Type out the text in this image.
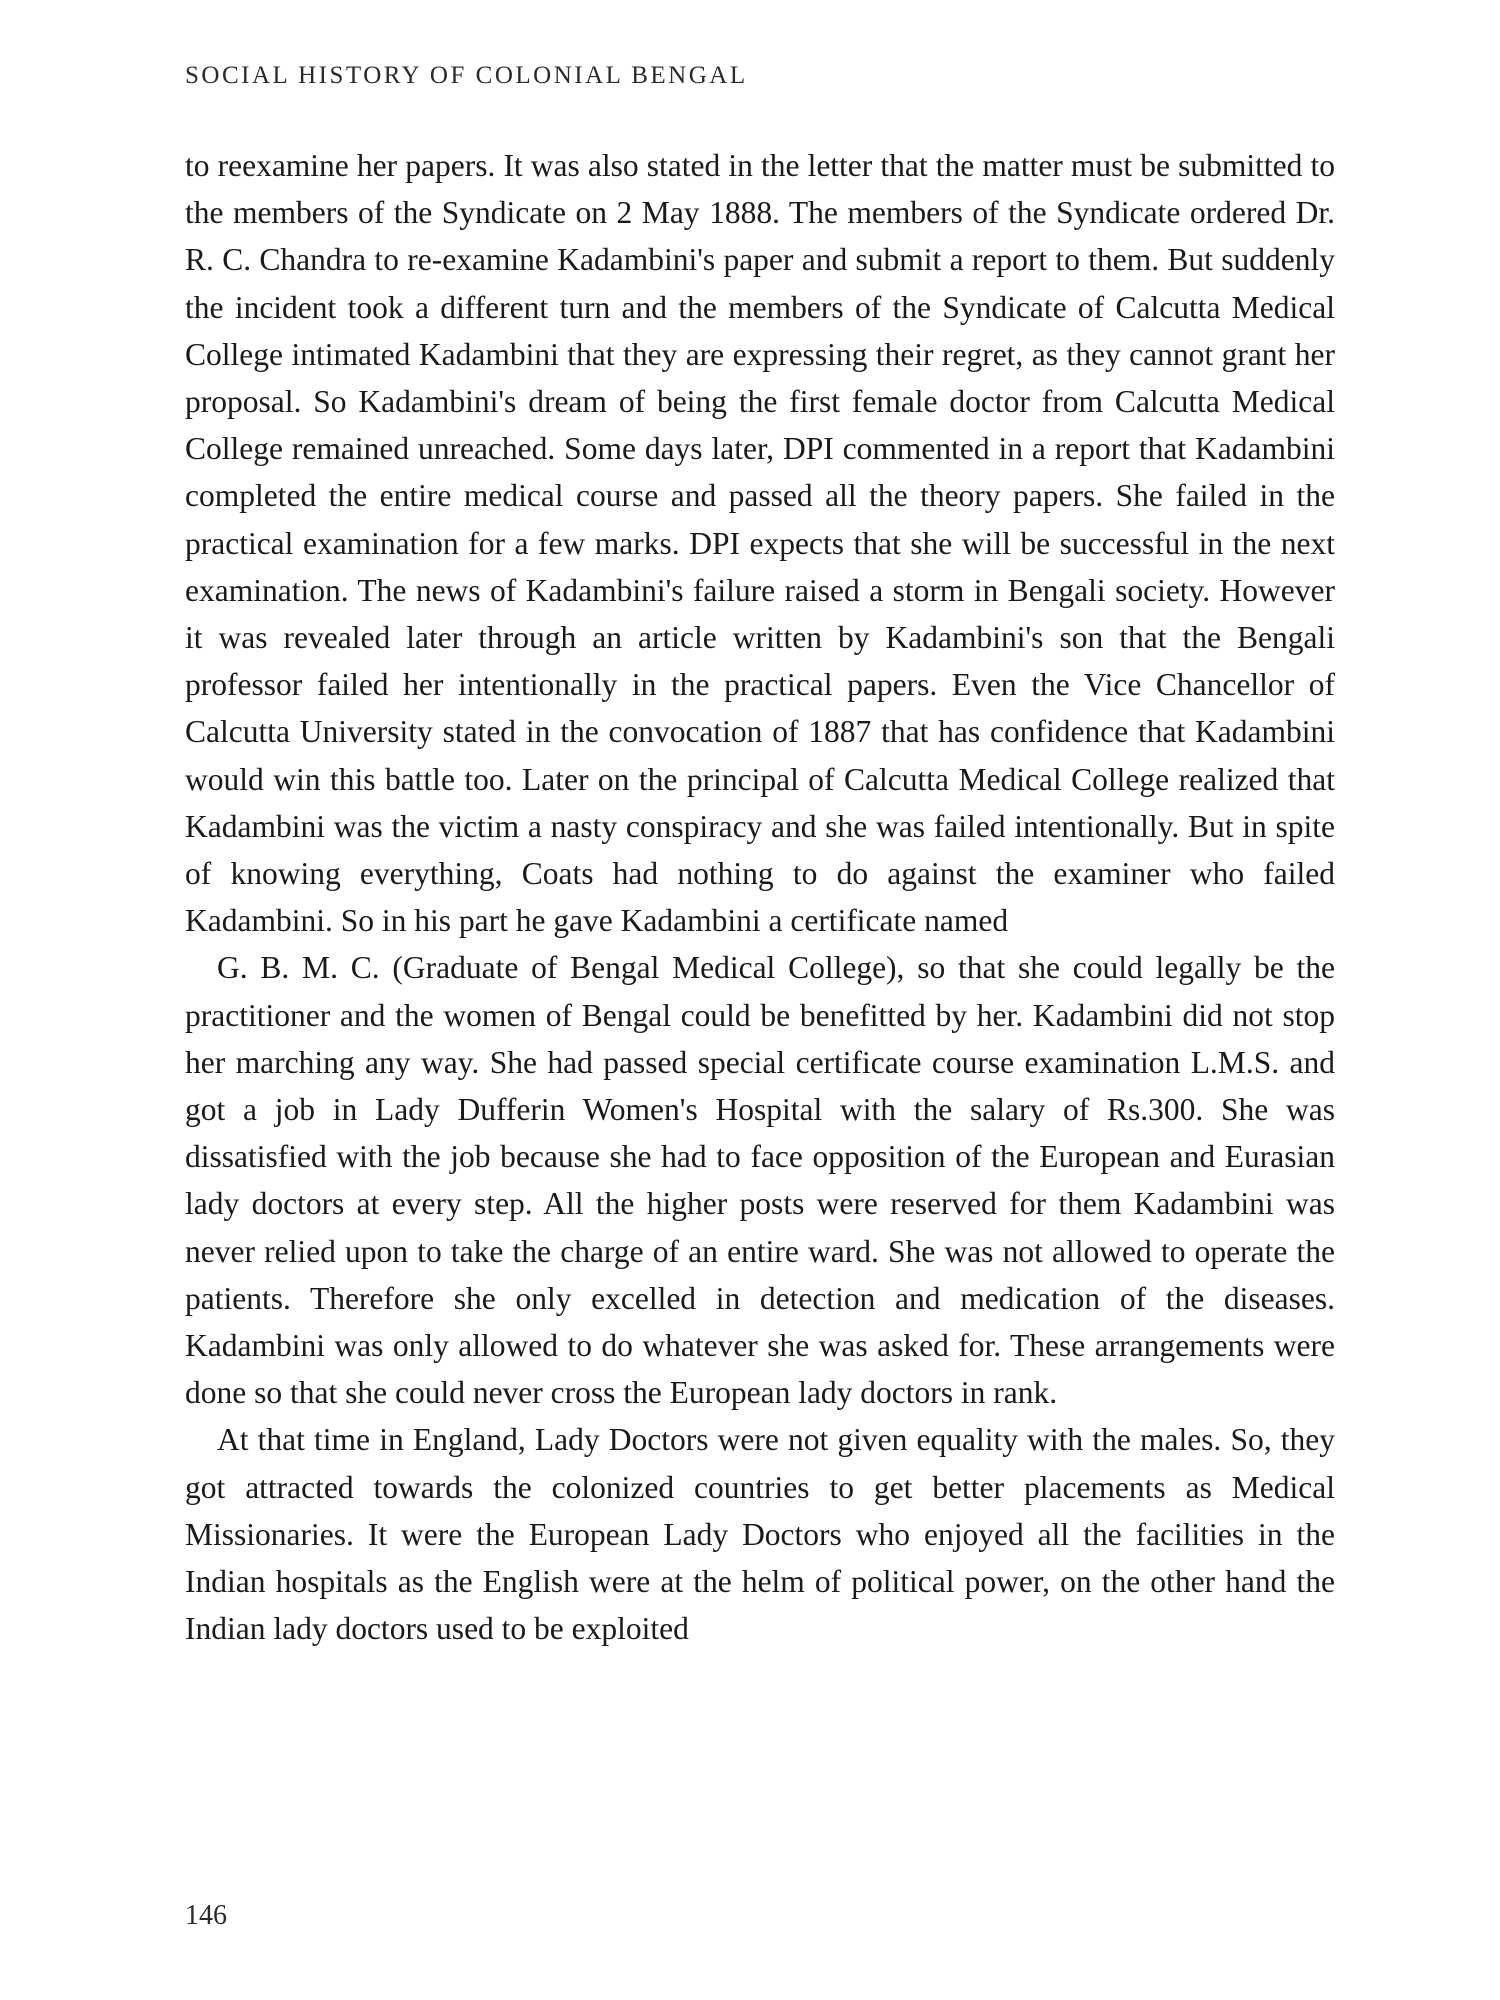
SOCIAL HISTORY OF COLONIAL BENGAL

to reexamine her papers. It was also stated in the letter that the matter must be submitted to the members of the Syndicate on 2 May 1888. The members of the Syndicate ordered Dr. R. C. Chandra to re-examine Kadambini's paper and submit a report to them. But suddenly the incident took a different turn and the members of the Syndicate of Calcutta Medical College intimated Kadambini that they are expressing their regret, as they cannot grant her proposal. So Kadambini's dream of being the first female doctor from Calcutta Medical College remained unreached. Some days later, DPI commented in a report that Kadambini completed the entire medical course and passed all the theory papers. She failed in the practical examination for a few marks. DPI expects that she will be successful in the next examination. The news of Kadambini's failure raised a storm in Bengali society. However it was revealed later through an article written by Kadambini's son that the Bengali professor failed her intentionally in the practical papers. Even the Vice Chancellor of Calcutta University stated in the convocation of 1887 that has confidence that Kadambini would win this battle too. Later on the principal of Calcutta Medical College realized that Kadambini was the victim a nasty conspiracy and she was failed intentionally. But in spite of knowing everything, Coats had nothing to do against the examiner who failed Kadambini. So in his part he gave Kadambini a certificate named

G. B. M. C. (Graduate of Bengal Medical College), so that she could legally be the practitioner and the women of Bengal could be benefitted by her. Kadambini did not stop her marching any way. She had passed special certificate course examination L.M.S. and got a job in Lady Dufferin Women's Hospital with the salary of Rs.300. She was dissatisfied with the job because she had to face opposition of the European and Eurasian lady doctors at every step. All the higher posts were reserved for them Kadambini was never relied upon to take the charge of an entire ward. She was not allowed to operate the patients. Therefore she only excelled in detection and medication of the diseases. Kadambini was only allowed to do whatever she was asked for. These arrangements were done so that she could never cross the European lady doctors in rank.

At that time in England, Lady Doctors were not given equality with the males. So, they got attracted towards the colonized countries to get better placements as Medical Missionaries. It were the European Lady Doctors who enjoyed all the facilities in the Indian hospitals as the English were at the helm of political power, on the other hand the Indian lady doctors used to be exploited

146
